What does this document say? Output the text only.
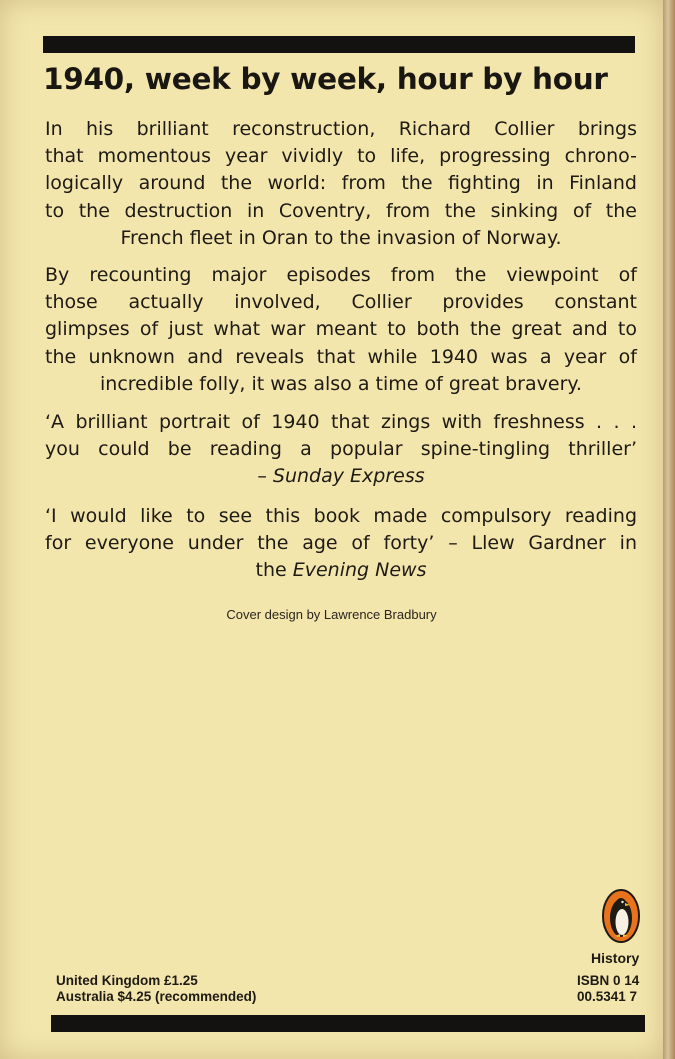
1940, week by week, hour by hour
In his brilliant reconstruction, Richard Collier brings
that momentous year vividly to life, progressing chrono-
logically around the world: from the fighting in Finland
to the destruction in Coventry, from the sinking of the
French fleet in Oran to the invasion of Norway.
By recounting major episodes from the viewpoint of
those actually involved, Collier provides constant
glimpses of just what war meant to both the great and to
the unknown and reveals that while 1940 was a year of
incredible folly, it was also a time of great bravery.
‘A brilliant portrait of 1940 that zings with freshness . . .
you could be reading a popular spine-tingling thriller’
– Sunday Express
‘I would like to see this book made compulsory reading
for everyone under the age of forty’ – Llew Gardner in
the Evening News
Cover design by Lawrence Bradbury
History
United Kingdom £1.25
Australia $4.25 (recommended)
ISBN 0 14
00.5341 7
